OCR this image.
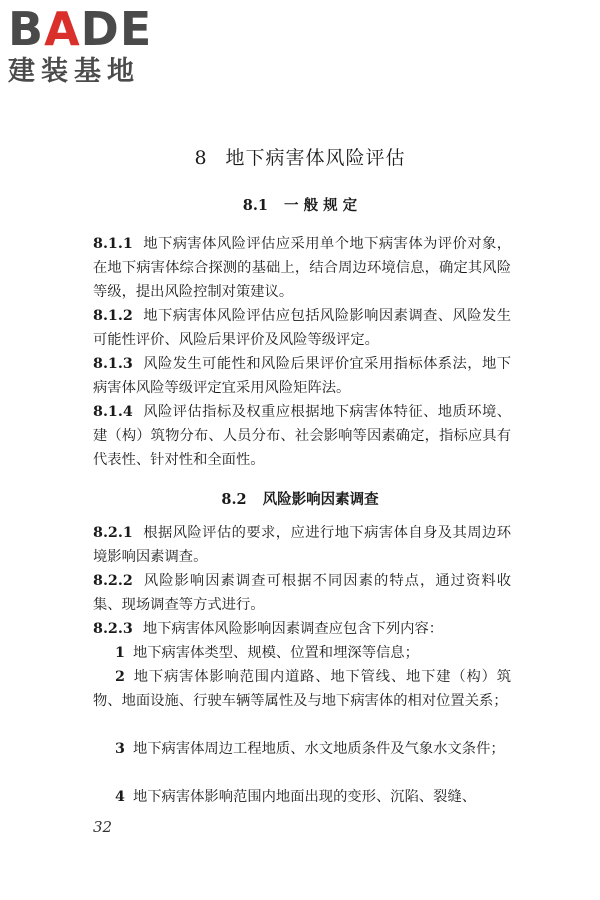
BADE
建装基地
8 地下病害体风险评估
8.1 一 般 规 定
8.1.1 地下病害体风险评估应采用单个地下病害体为评价对象，在地下病害体综合探测的基础上，结合周边环境信息，确定其风险等级，提出风险控制对策建议。
8.1.2 地下病害体风险评估应包括风险影响因素调查、风险发生可能性评价、风险后果评价及风险等级评定。
8.1.3 风险发生可能性和风险后果评价宜采用指标体系法，地下病害体风险等级评定宜采用风险矩阵法。
8.1.4 风险评估指标及权重应根据地下病害体特征、地质环境、建（构）筑物分布、人员分布、社会影响等因素确定，指标应具有代表性、针对性和全面性。
8.2 风险影响因素调查
8.2.1 根据风险评估的要求，应进行地下病害体自身及其周边环境影响因素调查。
8.2.2 风险影响因素调查可根据不同因素的特点，通过资料收集、现场调查等方式进行。
8.2.3 地下病害体风险影响因素调查应包含下列内容：
1 地下病害体类型、规模、位置和埋深等信息；
2 地下病害体影响范围内道路、地下管线、地下建（构）筑物、地面设施、行驶车辆等属性及与地下病害体的相对位置关系；
3 地下病害体周边工程地质、水文地质条件及气象水文条件；
4 地下病害体影响范围内地面出现的变形、沉陷、裂缝、
32
